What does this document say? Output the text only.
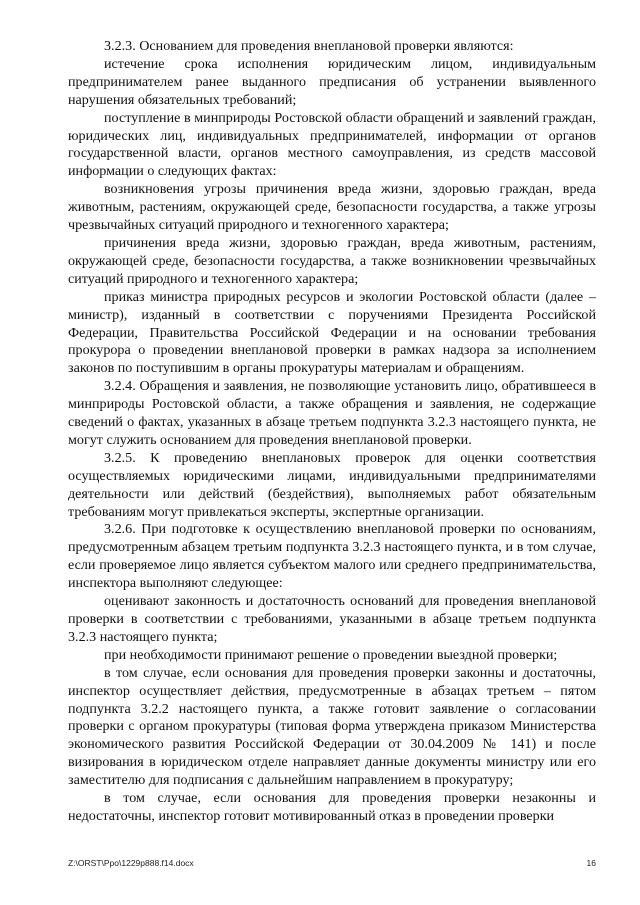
3.2.3. Основанием для проведения внеплановой проверки являются:

истечение срока исполнения юридическим лицом, индивидуальным предпринимателем ранее выданного предписания об устранении выявленного нарушения обязательных требований;

поступление в минприроды Ростовской области обращений и заявлений граждан, юридических лиц, индивидуальных предпринимателей, информации от органов государственной власти, органов местного самоуправления, из средств массовой информации о следующих фактах:

возникновения угрозы причинения вреда жизни, здоровью граждан, вреда животным, растениям, окружающей среде, безопасности государства, а также угрозы чрезвычайных ситуаций природного и техногенного характера;

причинения вреда жизни, здоровью граждан, вреда животным, растениям, окружающей среде, безопасности государства, а также возникновении чрезвычайных ситуаций природного и техногенного характера;

приказ министра природных ресурсов и экологии Ростовской области (далее – министр), изданный в соответствии с поручениями Президента Российской Федерации, Правительства Российской Федерации и на основании требования прокурора о проведении внеплановой проверки в рамках надзора за исполнением законов по поступившим в органы прокуратуры материалам и обращениям.

3.2.4. Обращения и заявления, не позволяющие установить лицо, обратившееся в минприроды Ростовской области, а также обращения и заявления, не содержащие сведений о фактах, указанных в абзаце третьем подпункта 3.2.3 настоящего пункта, не могут служить основанием для проведения внеплановой проверки.

3.2.5. К проведению внеплановых проверок для оценки соответствия осуществляемых юридическими лицами, индивидуальными предпринимателями деятельности или действий (бездействия), выполняемых работ обязательным требованиям могут привлекаться эксперты, экспертные организации.

3.2.6. При подготовке к осуществлению внеплановой проверки по основаниям, предусмотренным абзацем третьим подпункта 3.2.3 настоящего пункта, и в том случае, если проверяемое лицо является субъектом малого или среднего предпринимательства, инспектора выполняют следующее:

оценивают законность и достаточность оснований для проведения внеплановой проверки в соответствии с требованиями, указанными в абзаце третьем подпункта 3.2.3 настоящего пункта;

при необходимости принимают решение о проведении выездной проверки;

в том случае, если основания для проведения проверки законны и достаточны, инспектор осуществляет действия, предусмотренные в абзацах третьем – пятом подпункта 3.2.2 настоящего пункта, а также готовит заявление о согласовании проверки с органом прокуратуры (типовая форма утверждена приказом Министерства экономического развития Российской Федерации от 30.04.2009 № 141) и после визирования в юридическом отделе направляет данные документы министру или его заместителю для подписания с дальнейшим направлением в прокуратуру;

в том случае, если основания для проведения проверки незаконны и недостаточны, инспектор готовит мотивированный отказ в проведении проверки

Z:\ORST\Ppo\1229p888.f14.docx	16
